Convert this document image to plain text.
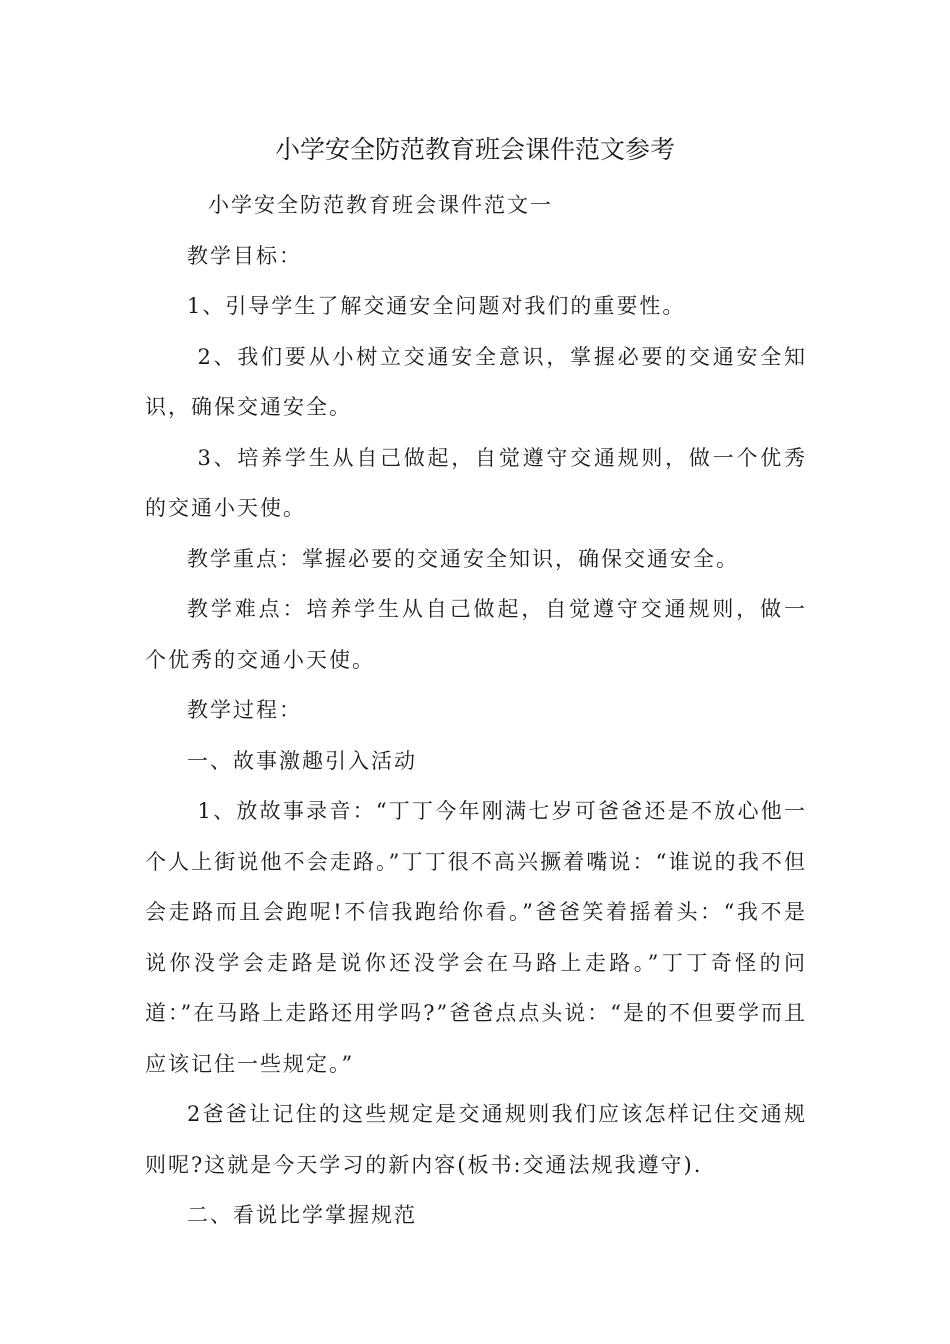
小学安全防范教育班会课件范文参考

小学安全防范教育班会课件范文一

教学目标：

1、引导学生了解交通安全问题对我们的重要性。

2、我们要从小树立交通安全意识，掌握必要的交通安全知识，确保交通安全。

3、培养学生从自己做起，自觉遵守交通规则，做一个优秀的交通小天使。

教学重点：掌握必要的交通安全知识，确保交通安全。

教学难点：培养学生从自己做起，自觉遵守交通规则，做一个优秀的交通小天使。

教学过程：

一、故事激趣引入活动

1、放故事录音：“丁丁今年刚满七岁可爸爸还是不放心他一个人上街说他不会走路。”丁丁很不高兴撅着嘴说：“谁说的我不但会走路而且会跑呢!不信我跑给你看。”爸爸笑着摇着头：“我不是说你没学会走路是说你还没学会在马路上走路。”丁丁奇怪的问道：”在马路上走路还用学吗?”爸爸点点头说：“是的不但要学而且应该记住一些规定。”

2爸爸让记住的这些规定是交通规则我们应该怎样记住交通规则呢?这就是今天学习的新内容(板书:交通法规我遵守).

二、看说比学掌握规范
